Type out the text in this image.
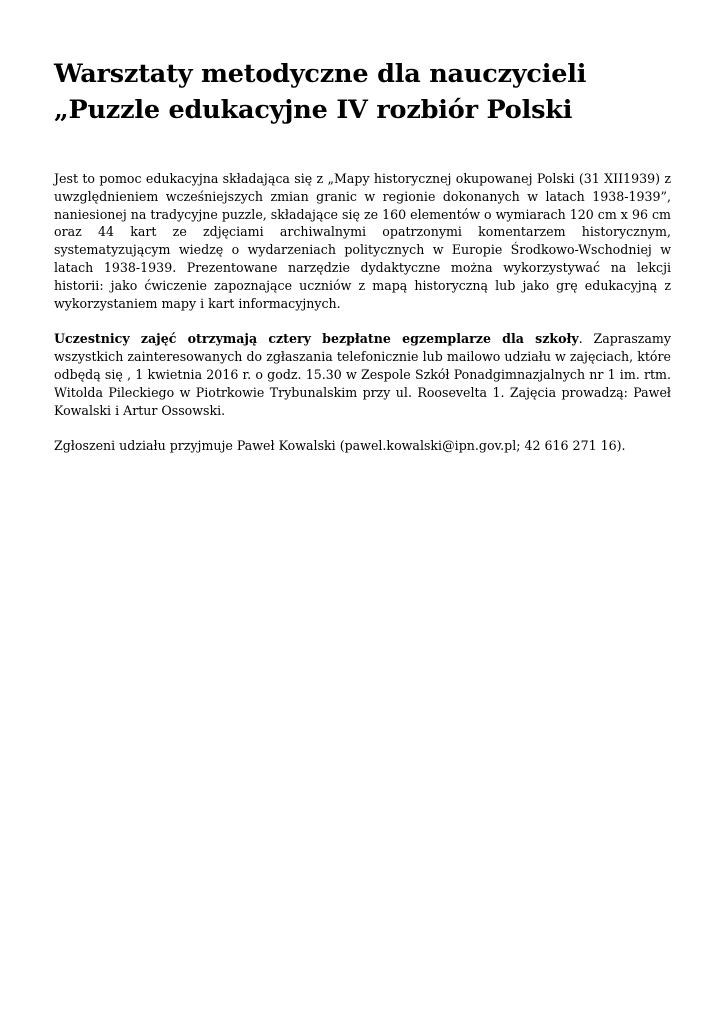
Warsztaty metodyczne dla nauczycieli
„Puzzle edukacyjne IV rozbiór Polski

Jest to pomoc edukacyjna składająca się z „Mapy historycznej okupowanej Polski (31 XII1939) z uwzględnieniem wcześniejszych zmian granic w regionie dokonanych w latach 1938-1939”, naniesionej na tradycyjne puzzle, składające się ze 160 elementów o wymiarach 120 cm x 96 cm oraz 44 kart ze zdjęciami archiwalnymi opatrzonymi komentarzem historycznym, systematyzującym wiedzę o wydarzeniach politycznych w Europie Środkowo-Wschodniej w latach 1938-1939. Prezentowane narzędzie dydaktyczne można wykorzystywać na lekcji historii: jako ćwiczenie zapoznające uczniów z mapą historyczną lub jako grę edukacyjną z wykorzystaniem mapy i kart informacyjnych.

Uczestnicy zajęć otrzymają cztery bezpłatne egzemplarze dla szkoły. Zapraszamy wszystkich zainteresowanych do zgłaszania telefonicznie lub mailowo udziału w zajęciach, które odbędą się , 1 kwietnia 2016 r. o godz. 15.30 w Zespole Szkół Ponadgimnazjalnych nr 1 im. rtm. Witolda Pileckiego w Piotrkowie Trybunalskim przy ul. Roosevelta 1. Zajęcia prowadzą: Paweł Kowalski i Artur Ossowski.

Zgłoszeni udziału przyjmuje Paweł Kowalski (pawel.kowalski@ipn.gov.pl; 42 616 271 16).
